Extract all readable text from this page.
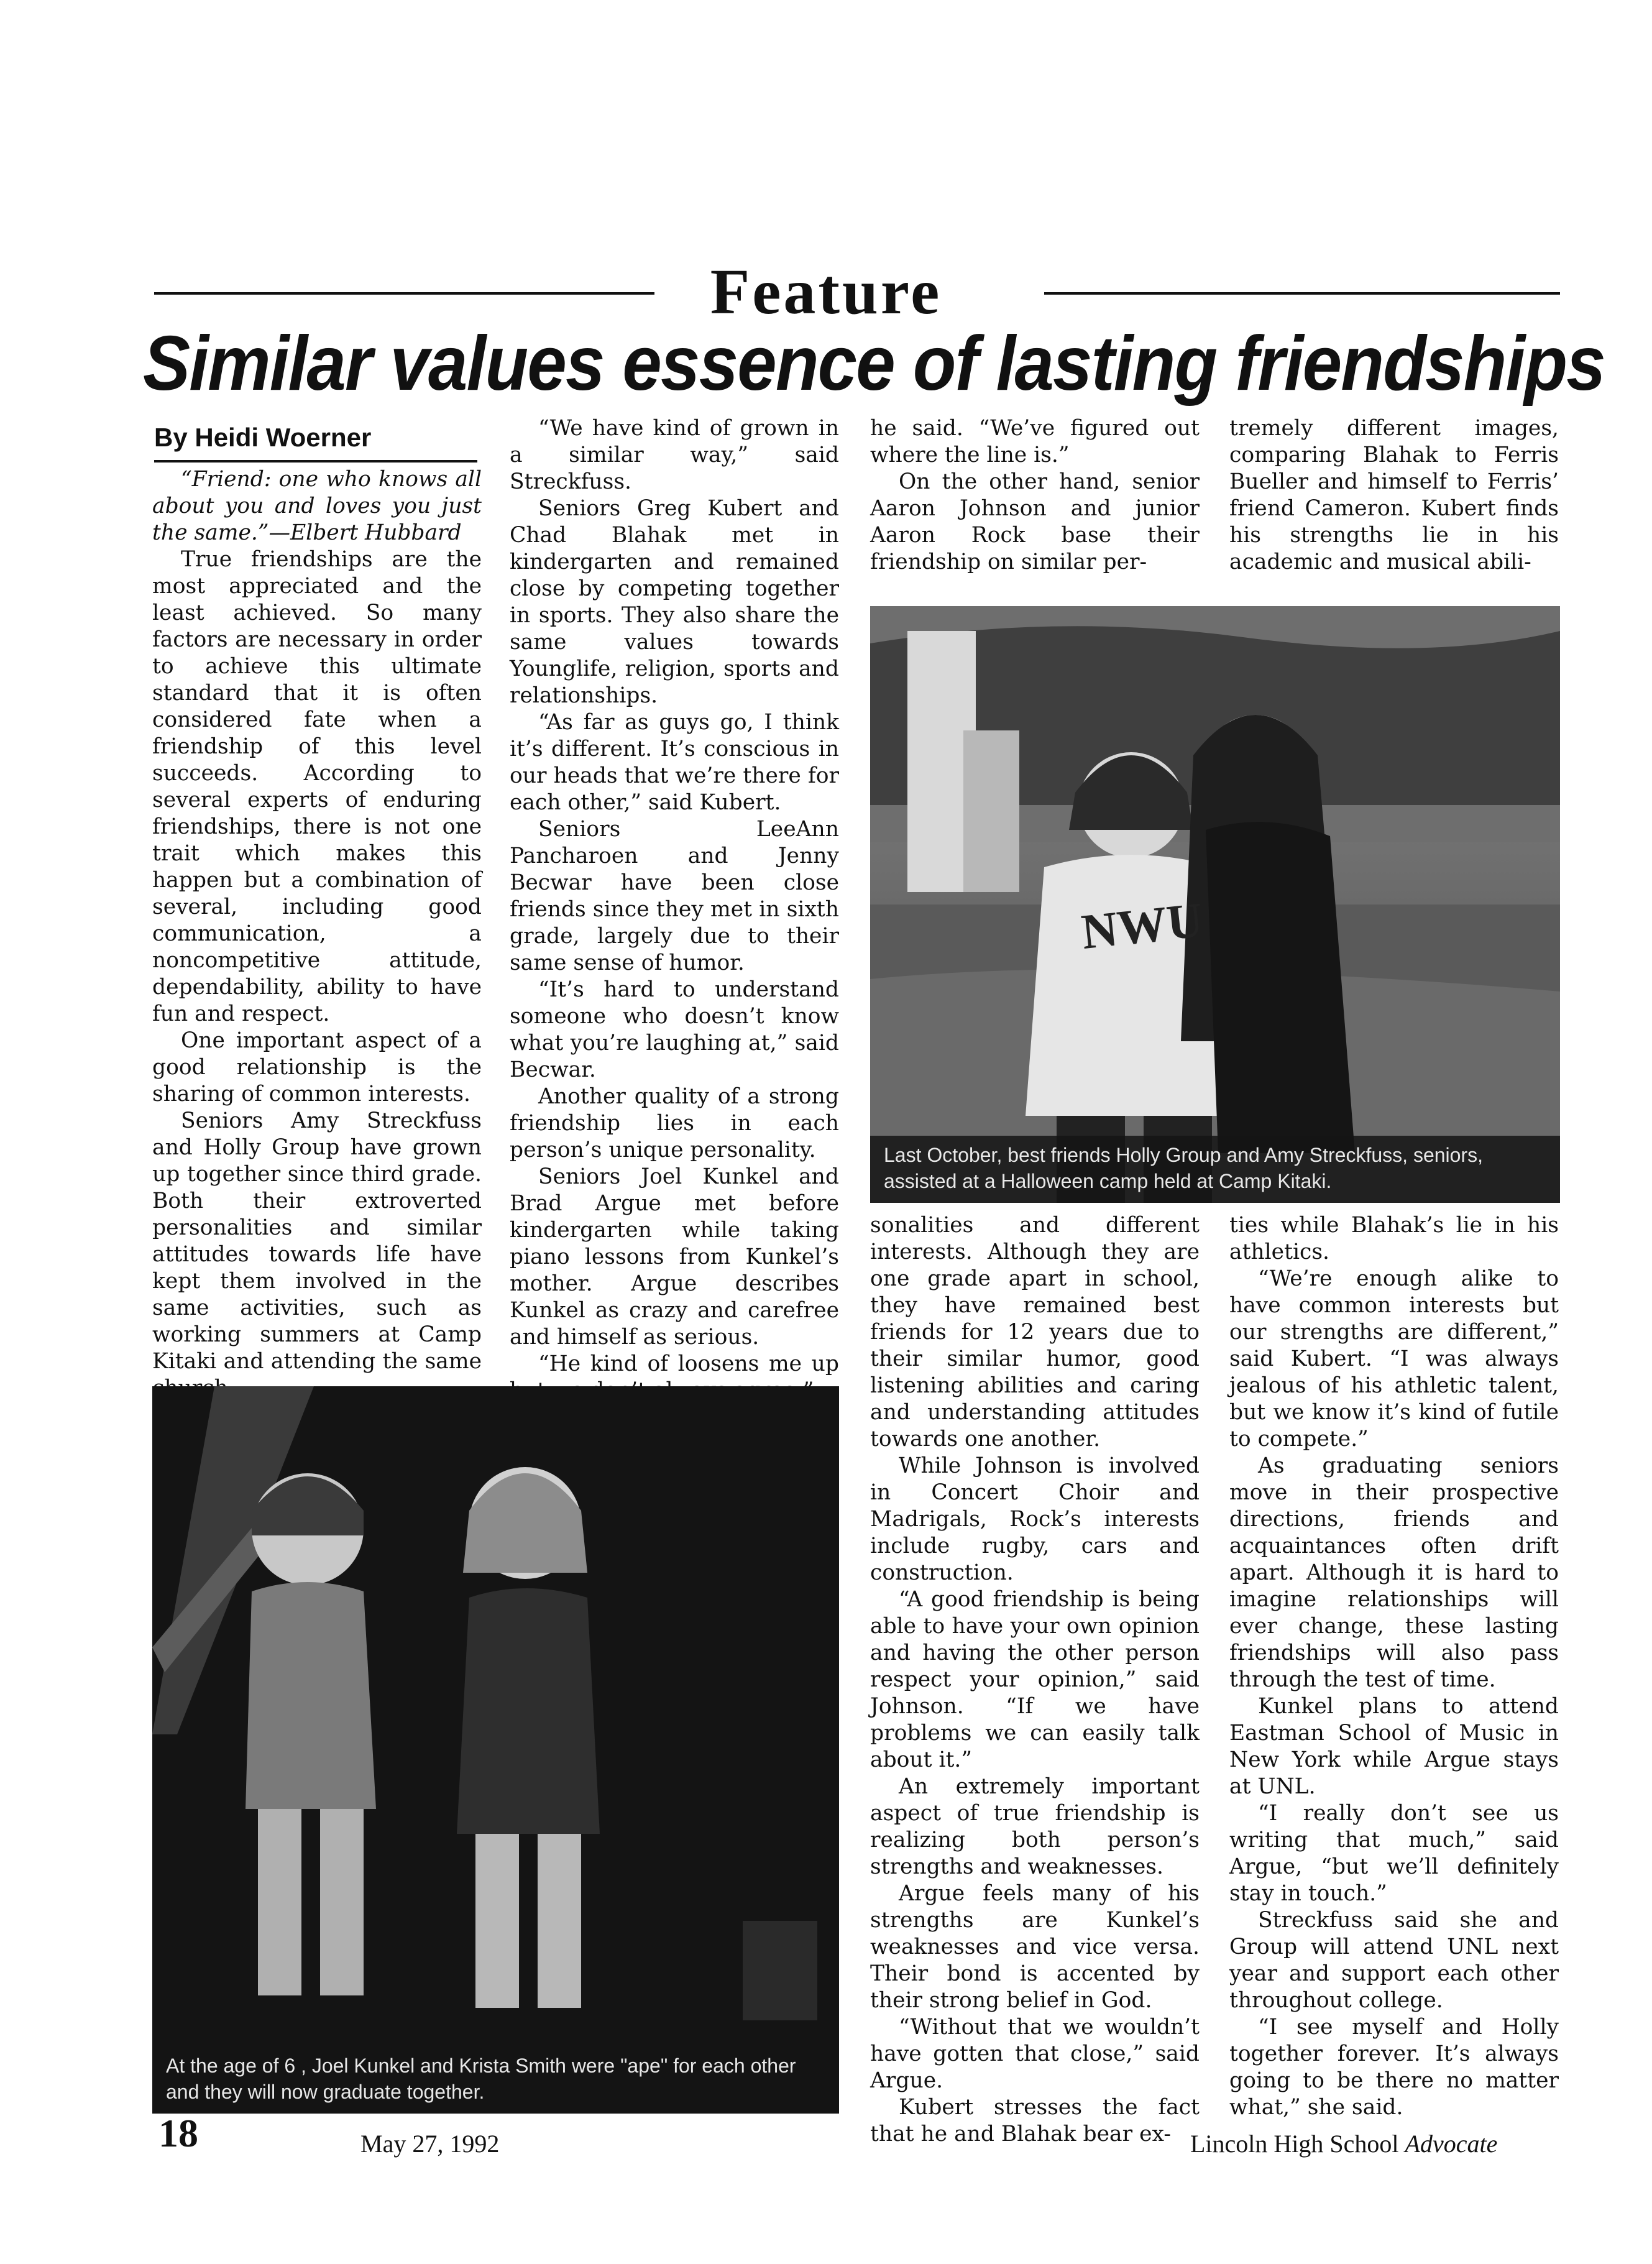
Feature
Similar values essence of lasting friendships
By Heidi Woerner

“Friend: one who knows all about you and loves you just the same.”—Elbert Hubbard

True friendships are the most appreciated and the least achieved. So many factors are necessary in order to achieve this ultimate standard that it is often considered fate when a friendship of this level succeeds. According to several experts of enduring friendships, there is not one trait which makes this happen but a combination of several, including good communication, a noncompetitive attitude, dependability, ability to have fun and respect.

One important aspect of a good relationship is the sharing of common interests.

Seniors Amy Streckfuss and Holly Group have grown up together since third grade. Both their extroverted personalities and similar attitudes towards life have kept them involved in the same activities, such as working summers at Camp Kitaki and attending the same

“We have kind of grown in a similar way,” said Streckfuss.

Seniors Greg Kubert and Chad Blahak met in kindergarten and remained close by competing together in sports. They also share the same values towards Younglife, religion, sports and relationships.

“As far as guys go, I think it’s different. It’s conscious in our heads that we’re there for each other,” said Kubert.

Seniors LeeAnn Pancharoen and Jenny Becwar have been close friends since they met in sixth grade, largely due to their same sense of humor.

“It’s hard to understand someone who doesn’t know what you’re laughing at,” said Becwar.

Another quality of a strong friendship lies in each person’s unique personality.

Seniors Joel Kunkel and Brad Argue met before kindergarten while taking piano lessons from Kunkel’s mother. Argue describes Kunkel as crazy and carefree and himself as serious.

“He kind of loosens me up

he said. “We’ve figured out where the line is.”

On the other hand, senior Aaron Johnson and junior Aaron Rock base their friendship on similar per-

tremely different images, comparing Blahak to Ferris Bueller and himself to Ferris’ friend Cameron. Kubert finds his strengths lie in his academic and musical abili-

NWU
Last October, best friends Holly Group and Amy Streckfuss, seniors, assisted at a Halloween camp held at Camp Kitaki.

sonalities and different interests. Although they are one grade apart in school, they have remained best friends for 12 years due to their similar humor, good listening abilities and caring and understanding attitudes towards one another.

While Johnson is involved in Concert Choir and Madrigals, Rock’s interests include rugby, cars and construction.

“A good friendship is being able to have your own opinion and having the other person respect your opinion,” said Johnson. “If we have problems we can easily talk about it.”

An extremely important aspect of true friendship is realizing both person’s strengths and weaknesses.

Argue feels many of his strengths are Kunkel’s weaknesses and vice versa. Their bond is accented by their strong belief in God.

“Without that we wouldn’t have gotten that close,” said Argue.

Kubert stresses the fact that he and Blahak bear ex-

ties while Blahak’s lie in his athletics.

“We’re enough alike to have common interests but our strengths are different,” said Kubert. “I was always jealous of his athletic talent, but we know it’s kind of futile to compete.”

As graduating seniors move in their prospective directions, friends and acquaintances often drift apart. Although it is hard to imagine relationships will ever change, these lasting friendships will also pass through the test of time.

Kunkel plans to attend Eastman School of Music in New York while Argue stays at UNL.

“I really don’t see us writing that much,” said Argue, “but we’ll definitely stay in touch.”

Streckfuss said she and Group will attend UNL next year and support each other throughout college.

“I see myself and Holly together forever. It’s always going to be there no matter what,” she said.

At the age of 6 , Joel Kunkel and Krista Smith were "ape" for each other and they will now graduate together.
18	May 27, 1992	Lincoln High School Advocate
